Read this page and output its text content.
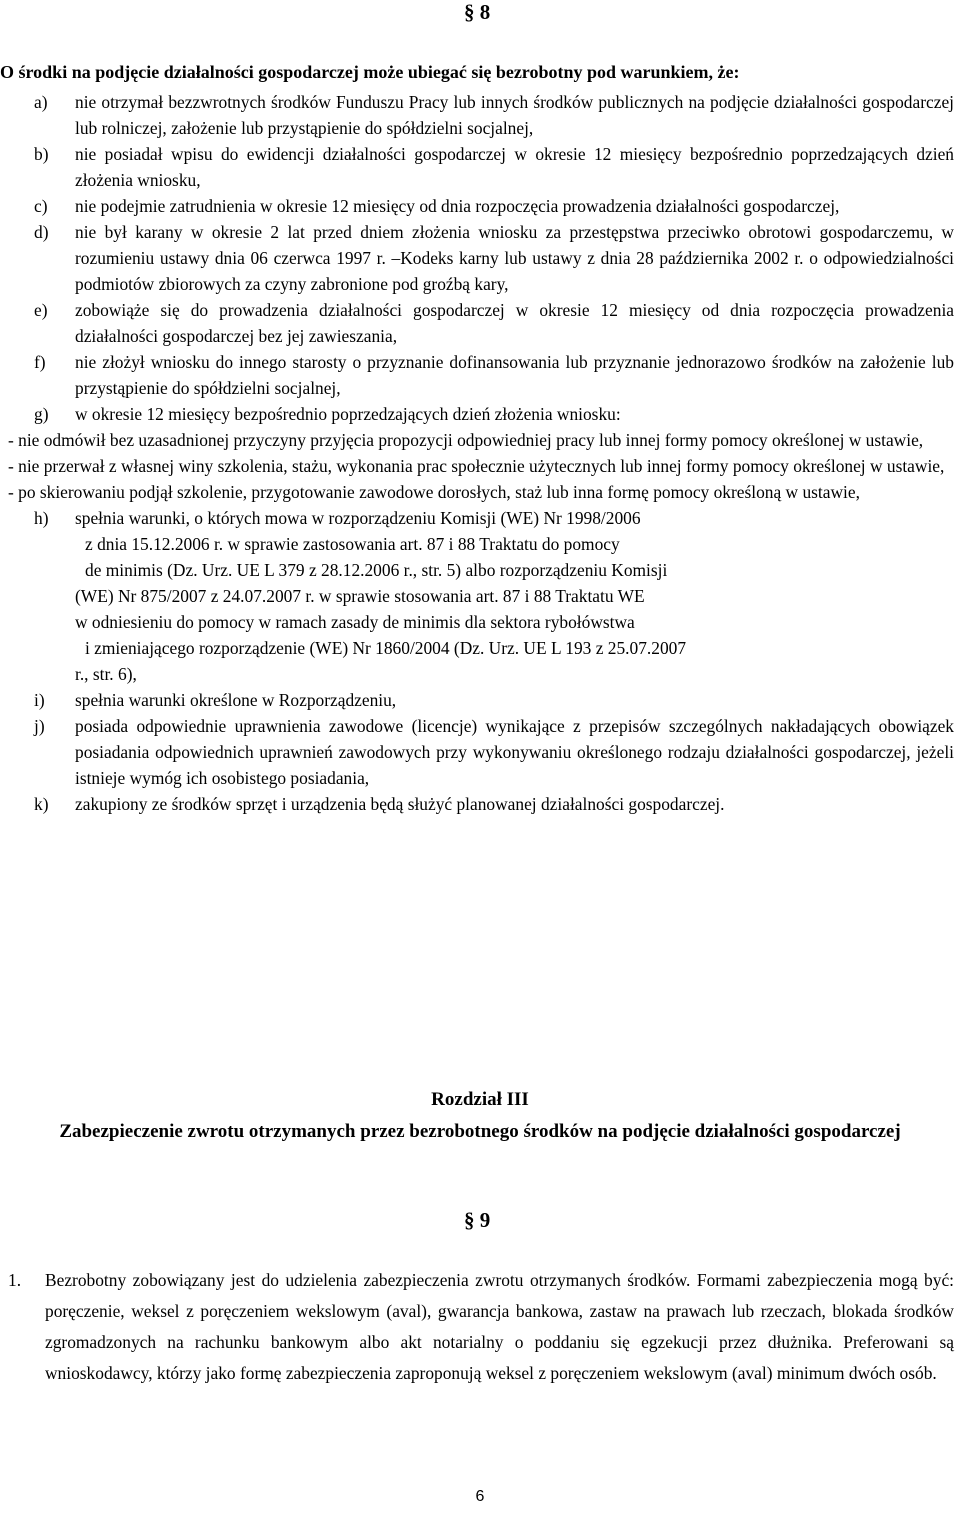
§ 8
O środki na podjęcie działalności gospodarczej może ubiegać się bezrobotny pod warunkiem, że:
a) nie otrzymał bezzwrotnych środków Funduszu Pracy lub innych środków publicznych na podjęcie działalności gospodarczej lub rolniczej, założenie lub przystąpienie do spółdzielni socjalnej,
b) nie posiadał wpisu do ewidencji działalności gospodarczej w okresie 12 miesięcy bezpośrednio poprzedzających dzień złożenia wniosku,
c) nie podejmie zatrudnienia w okresie 12 miesięcy od dnia rozpoczęcia prowadzenia działalności gospodarczej,
d) nie był karany w okresie 2 lat przed dniem złożenia wniosku za przestępstwa przeciwko obrotowi gospodarczemu, w rozumieniu ustawy dnia 06 czerwca 1997 r. –Kodeks karny lub ustawy z dnia 28 października 2002 r. o odpowiedzialności podmiotów zbiorowych za czyny zabronione pod groźbą kary,
e) zobowiąże się do prowadzenia działalności gospodarczej w okresie 12 miesięcy od dnia rozpoczęcia prowadzenia działalności gospodarczej bez jej zawieszania,
f) nie złożył wniosku do innego starosty o przyznanie dofinansowania lub przyznanie jednorazowo środków na założenie lub przystąpienie do spółdzielni socjalnej,
g) w okresie 12 miesięcy bezpośrednio poprzedzających dzień złożenia wniosku:
- nie odmówił bez uzasadnionej przyczyny przyjęcia propozycji odpowiedniej pracy lub innej formy pomocy określonej w ustawie,
- nie przerwał z własnej winy szkolenia, stażu, wykonania prac społecznie użytecznych lub innej formy pomocy określonej w ustawie,
- po skierowaniu podjął szkolenie, przygotowanie zawodowe dorosłych, staż lub inna formę pomocy określoną w ustawie,
h) spełnia warunki, o których mowa w rozporządzeniu Komisji (WE) Nr 1998/2006
z dnia 15.12.2006 r. w sprawie zastosowania art. 87 i 88 Traktatu do pomocy
de minimis (Dz. Urz. UE L 379 z 28.12.2006 r., str. 5) albo rozporządzeniu Komisji
(WE) Nr 875/2007 z 24.07.2007 r. w sprawie stosowania art. 87 i 88 Traktatu WE
w odniesieniu do pomocy w ramach zasady de minimis dla sektora rybołówstwa
i zmieniającego rozporządzenie (WE) Nr 1860/2004 (Dz. Urz. UE L 193 z 25.07.2007
r., str. 6),
i) spełnia warunki określone w Rozporządzeniu,
j) posiada odpowiednie uprawnienia zawodowe (licencje) wynikające z przepisów szczególnych nakładających obowiązek posiadania odpowiednich uprawnień zawodowych przy wykonywaniu określonego rodzaju działalności gospodarczej, jeżeli istnieje wymóg ich osobistego posiadania,
k) zakupiony ze środków sprzęt i urządzenia będą służyć planowanej działalności gospodarczej.
Rozdział III
Zabezpieczenie zwrotu otrzymanych przez bezrobotnego środków na podjęcie działalności gospodarczej
§ 9
1. Bezrobotny zobowiązany jest do udzielenia zabezpieczenia zwrotu otrzymanych środków. Formami zabezpieczenia mogą być: poręczenie, weksel z poręczeniem wekslowym (aval), gwarancja bankowa, zastaw na prawach lub rzeczach, blokada środków zgromadzonych na rachunku bankowym albo akt notarialny o poddaniu się egzekucji przez dłużnika. Preferowani są wnioskodawcy, którzy jako formę zabezpieczenia zaproponują weksel z poręczeniem wekslowym (aval) minimum dwóch osób.
6
